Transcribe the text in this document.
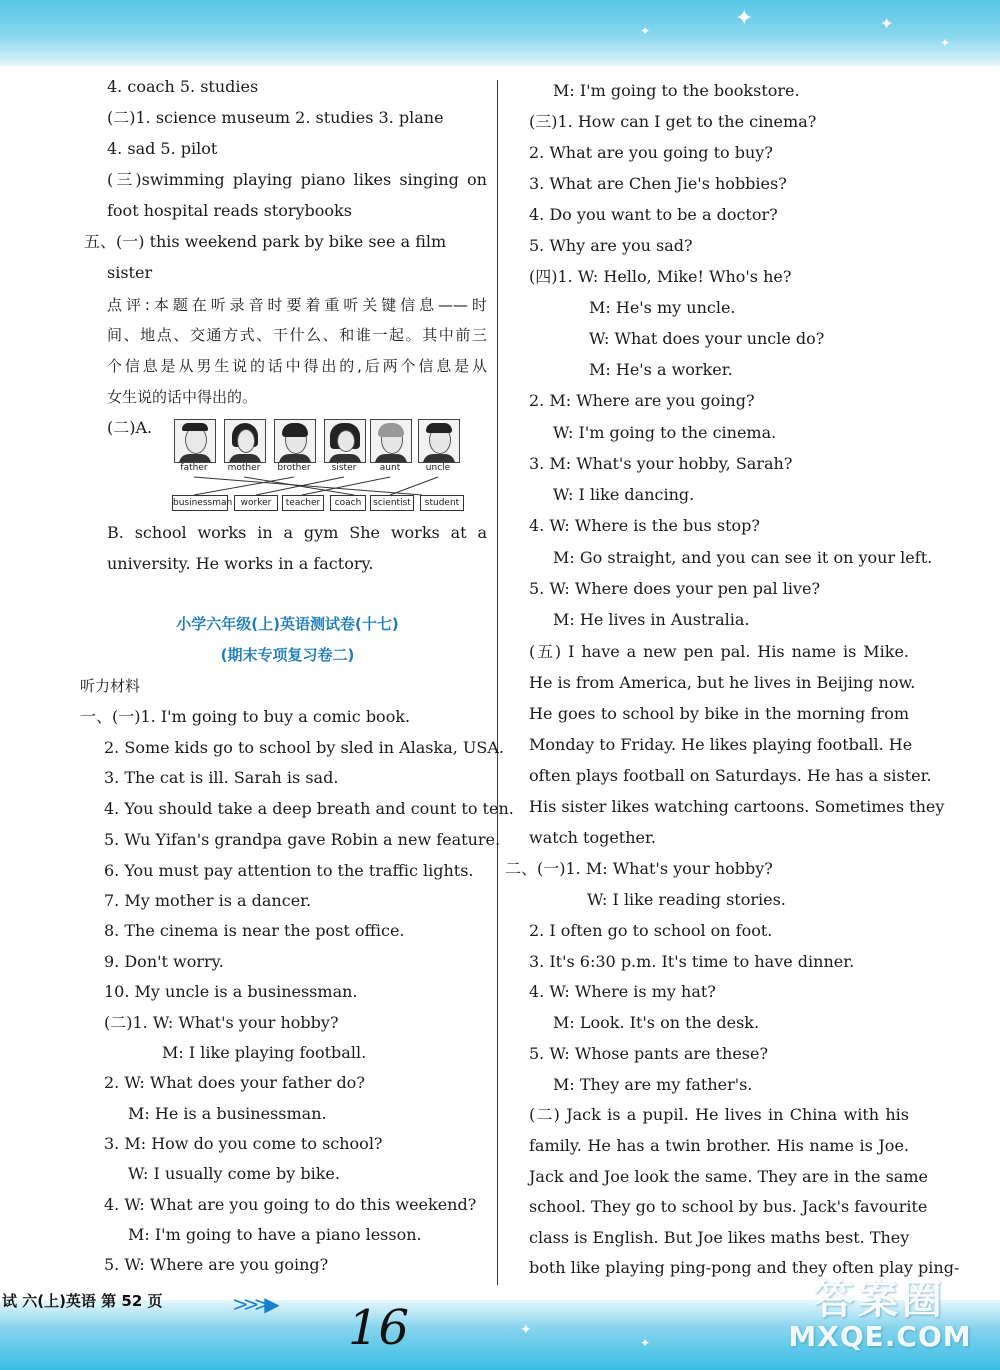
✦	✦
✦
✦
4. coach 5. studies
(二)1. science museum 2. studies 3. plane
4. sad 5. pilot
(三)swimming playing piano likes singing on
foot hospital reads storybooks
五、(一) this weekend park by bike see a film
sister
点评:本题在听录音时要着重听关键信息——时
间、地点、交通方式、干什么、和谁一起。其中前三
个信息是从男生说的话中得出的,后两个信息是从
女生说的话中得出的。
(二)A.
B. school works in a gym She works at a
university. He works in a factory.
小学六年级(上)英语测试卷(十七)
(期末专项复习卷二)
听力材料
一、(一)1. I'm going to buy a comic book.
2. Some kids go to school by sled in Alaska, USA.
3. The cat is ill. Sarah is sad.
4. You should take a deep breath and count to ten.
5. Wu Yifan's grandpa gave Robin a new feature.
6. You must pay attention to the traffic lights.
7. My mother is a dancer.
8. The cinema is near the post office.
9. Don't worry.
10. My uncle is a businessman.
(二)1. W: What's your hobby?
M: I like playing football.
2. W: What does your father do?
M: He is a businessman.
3. M: How do you come to school?
W: I usually come by bike.
4. W: What are you going to do this weekend?
M: I'm going to have a piano lesson.
5. W: Where are you going?
father	mother	brother	sister	aunt	uncle
businessman worker	teacher	coach	scientist	student
M: I'm going to the bookstore.
(三)1. How can I get to the cinema?
2. What are you going to buy?
3. What are Chen Jie's hobbies?
4. Do you want to be a doctor?
5. Why are you sad?
(四)1. W: Hello, Mike! Who's he?
M: He's my uncle.
W: What does your uncle do?
M: He's a worker.
2. M: Where are you going?
W: I'm going to the cinema.
3. M: What's your hobby, Sarah?
W: I like dancing.
4. W: Where is the bus stop?
M: Go straight, and you can see it on your left.
5. W: Where does your pen pal live?
M: He lives in Australia.
(五) I have a new pen pal. His name is Mike.
He is from America, but he lives in Beijing now.
He goes to school by bike in the morning from
Monday to Friday. He likes playing football. He
often plays football on Saturdays. He has a sister.
His sister likes watching cartoons. Sometimes they
watch together.
二、(一)1. M: What's your hobby?
W: I like reading stories.
2. I often go to school on foot.
3. It's 6:30 p.m. It's time to have dinner.
4. W: Where is my hat?
M: Look. It's on the desk.
5. W: Whose pants are these?
M: They are my father's.
(二) Jack is a pupil. He lives in China with his
family. He has a twin brother. His name is Joe.
Jack and Joe look the same. They are in the same
school. They go to school by bus. Jack's favourite
class is English. But Joe likes maths best. They
both like playing ping-pong and they often play ping-
✦
✦
试 六(上)英语 第 52 页	>>>▶ 16	答案圈
MXQE.COM
